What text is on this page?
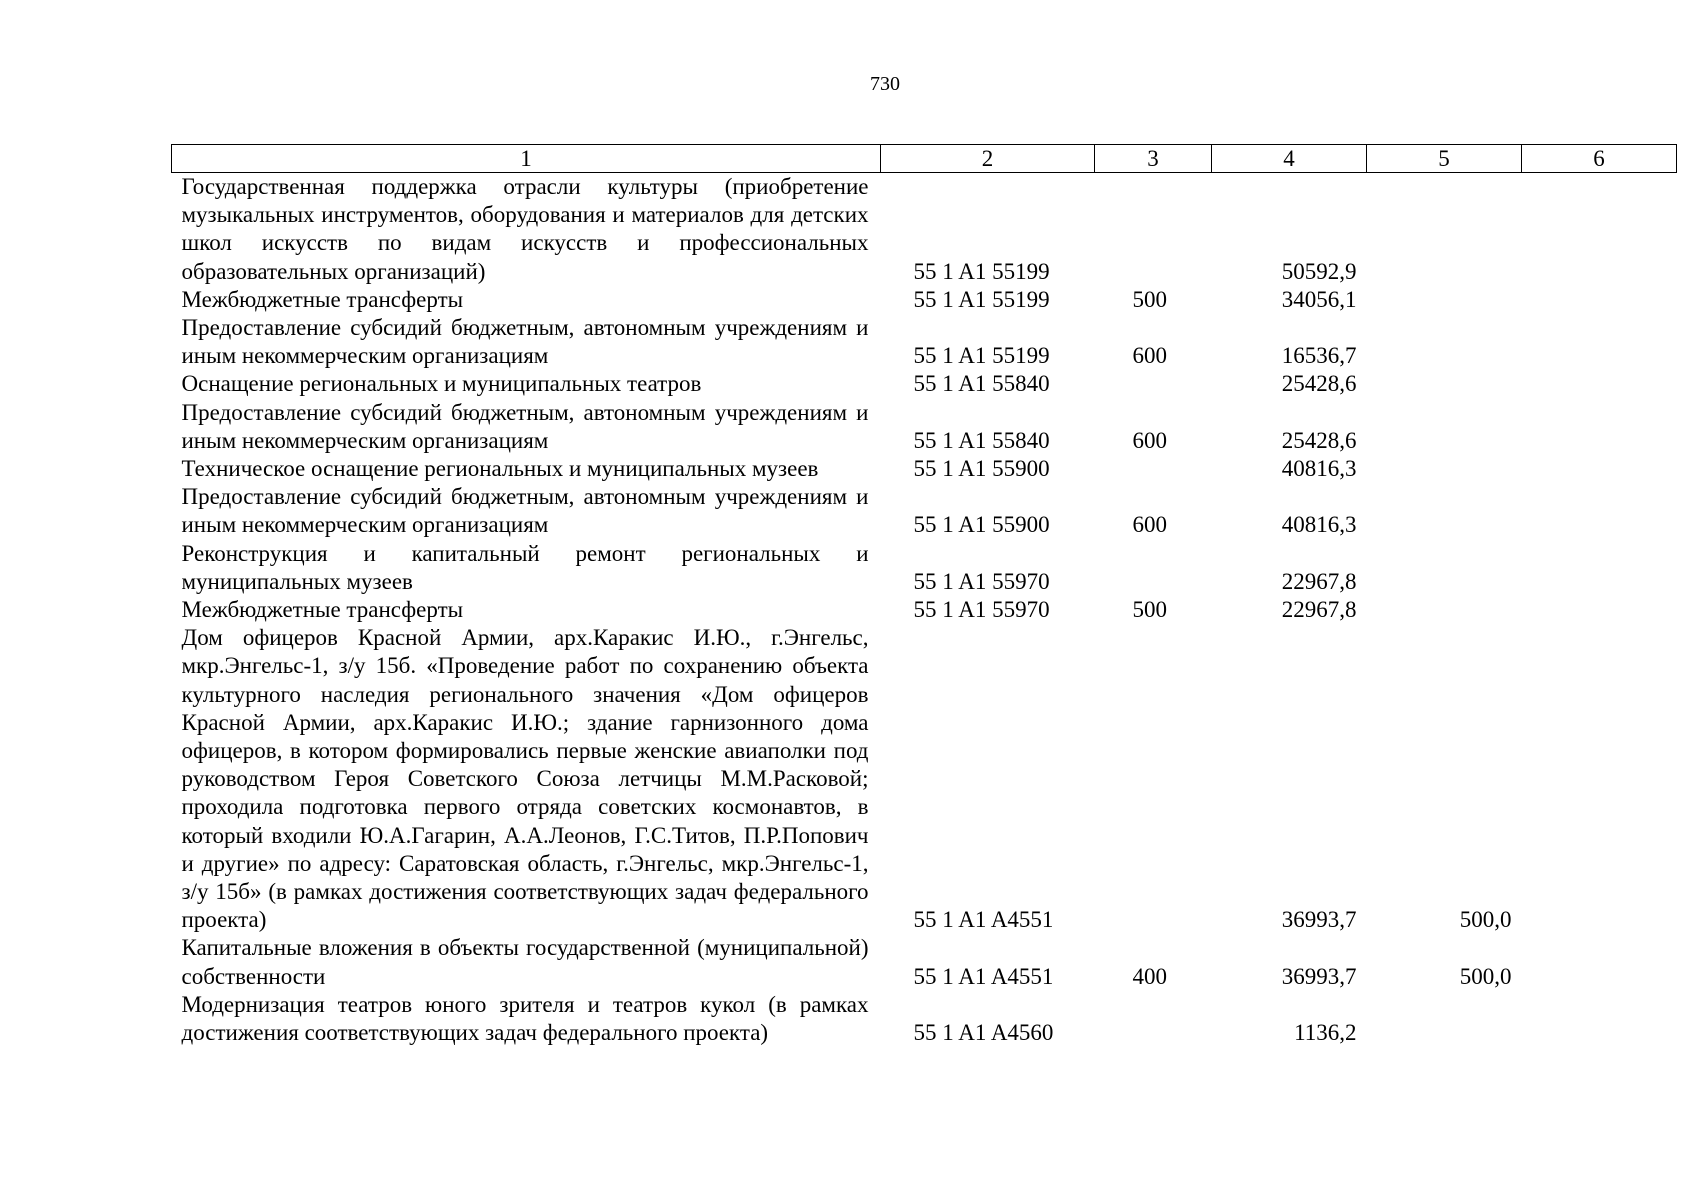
730
1	2	3	4	5	6
Государственная поддержка отрасли культуры (приобретение музыкальных инструментов, оборудования и материалов для детских школ искусств по видам искусств и профессиональных образовательных организаций)	55 1 A1 55199		50592,9		
Межбюджетные трансферты	55 1 A1 55199	500	34056,1		
Предоставление субсидий бюджетным, автономным учреждениям и иным некоммерческим организациям	55 1 A1 55199	600	16536,7		
Оснащение региональных и муниципальных театров	55 1 A1 55840		25428,6		
Предоставление субсидий бюджетным, автономным учреждениям и иным некоммерческим организациям	55 1 A1 55840	600	25428,6		
Техническое оснащение региональных и муниципальных музеев	55 1 A1 55900		40816,3		
Предоставление субсидий бюджетным, автономным учреждениям и иным некоммерческим организациям	55 1 A1 55900	600	40816,3		
Реконструкция и капитальный ремонт региональных и муниципальных музеев	55 1 A1 55970		22967,8		
Межбюджетные трансферты	55 1 A1 55970	500	22967,8		
Дом офицеров Красной Армии, арх.Каракис И.Ю., г.Энгельс, мкр.Энгельс-1, з/у 15б. «Проведение работ по сохранению объекта культурного наследия регионального значения «Дом офицеров Красной Армии, арх.Каракис И.Ю.; здание гарнизонного дома офицеров, в котором формировались первые женские авиаполки под руководством Героя Советского Союза летчицы М.М.Расковой; проходила подготовка первого отряда советских космонавтов, в который входили Ю.А.Гагарин, А.А.Леонов, Г.С.Титов, П.Р.Попович и другие» по адресу: Саратовская область, г.Энгельс, мкр.Энгельс-1, з/у 15б» (в рамках достижения соответствующих задач федерального проекта)	55 1 A1 A4551		36993,7	500,0	
Капитальные вложения в объекты государственной (муниципальной) собственности	55 1 A1 A4551	400	36993,7	500,0	
Модернизация театров юного зрителя и театров кукол (в рамках достижения соответствующих задач федерального проекта)	55 1 A1 A4560		1136,2		
